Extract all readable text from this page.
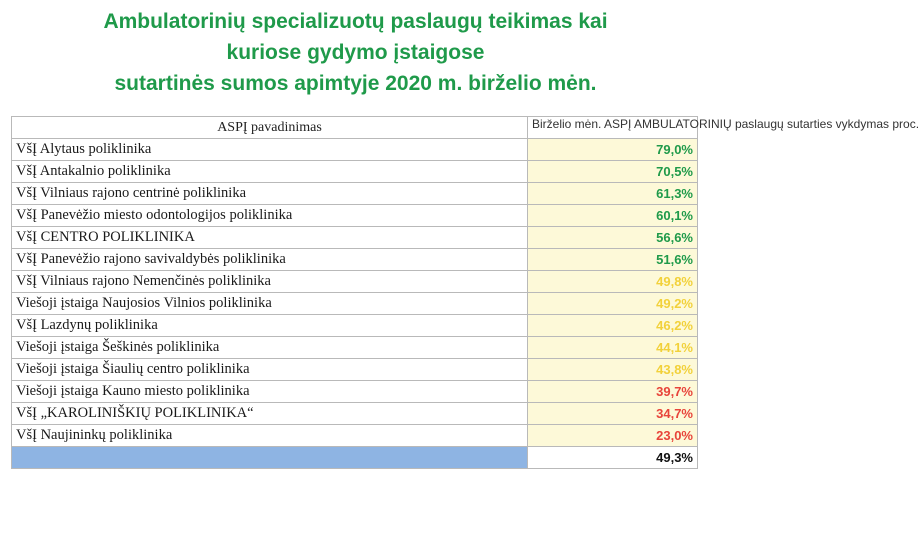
Ambulatorinių specializuotų paslaugų teikimas kai
kuriose gydymo įstaigose
sutartinės sumos apimtyje 2020 m. birželio mėn.
ASPĮ pavadinimas	Birželio mėn. ASPĮ AMBULATORINIŲ paslaugų sutarties vykdymas proc.
VšĮ Alytaus poliklinika	79,0%
VšĮ Antakalnio poliklinika	70,5%
VšĮ Vilniaus rajono centrinė poliklinika	61,3%
VšĮ Panevėžio miesto odontologijos poliklinika	60,1%
VšĮ CENTRO POLIKLINIKA	56,6%
VšĮ Panevėžio rajono savivaldybės poliklinika	51,6%
VšĮ Vilniaus rajono Nemenčinės poliklinika	49,8%
Viešoji įstaiga Naujosios Vilnios poliklinika	49,2%
VšĮ Lazdynų poliklinika	46,2%
Viešoji įstaiga Šeškinės poliklinika	44,1%
Viešoji įstaiga Šiaulių centro poliklinika	43,8%
Viešoji įstaiga Kauno miesto poliklinika	39,7%
VšĮ „KAROLINIŠKIŲ POLIKLINIKA“	34,7%
VšĮ Naujininkų poliklinika	23,0%
	49,3%
